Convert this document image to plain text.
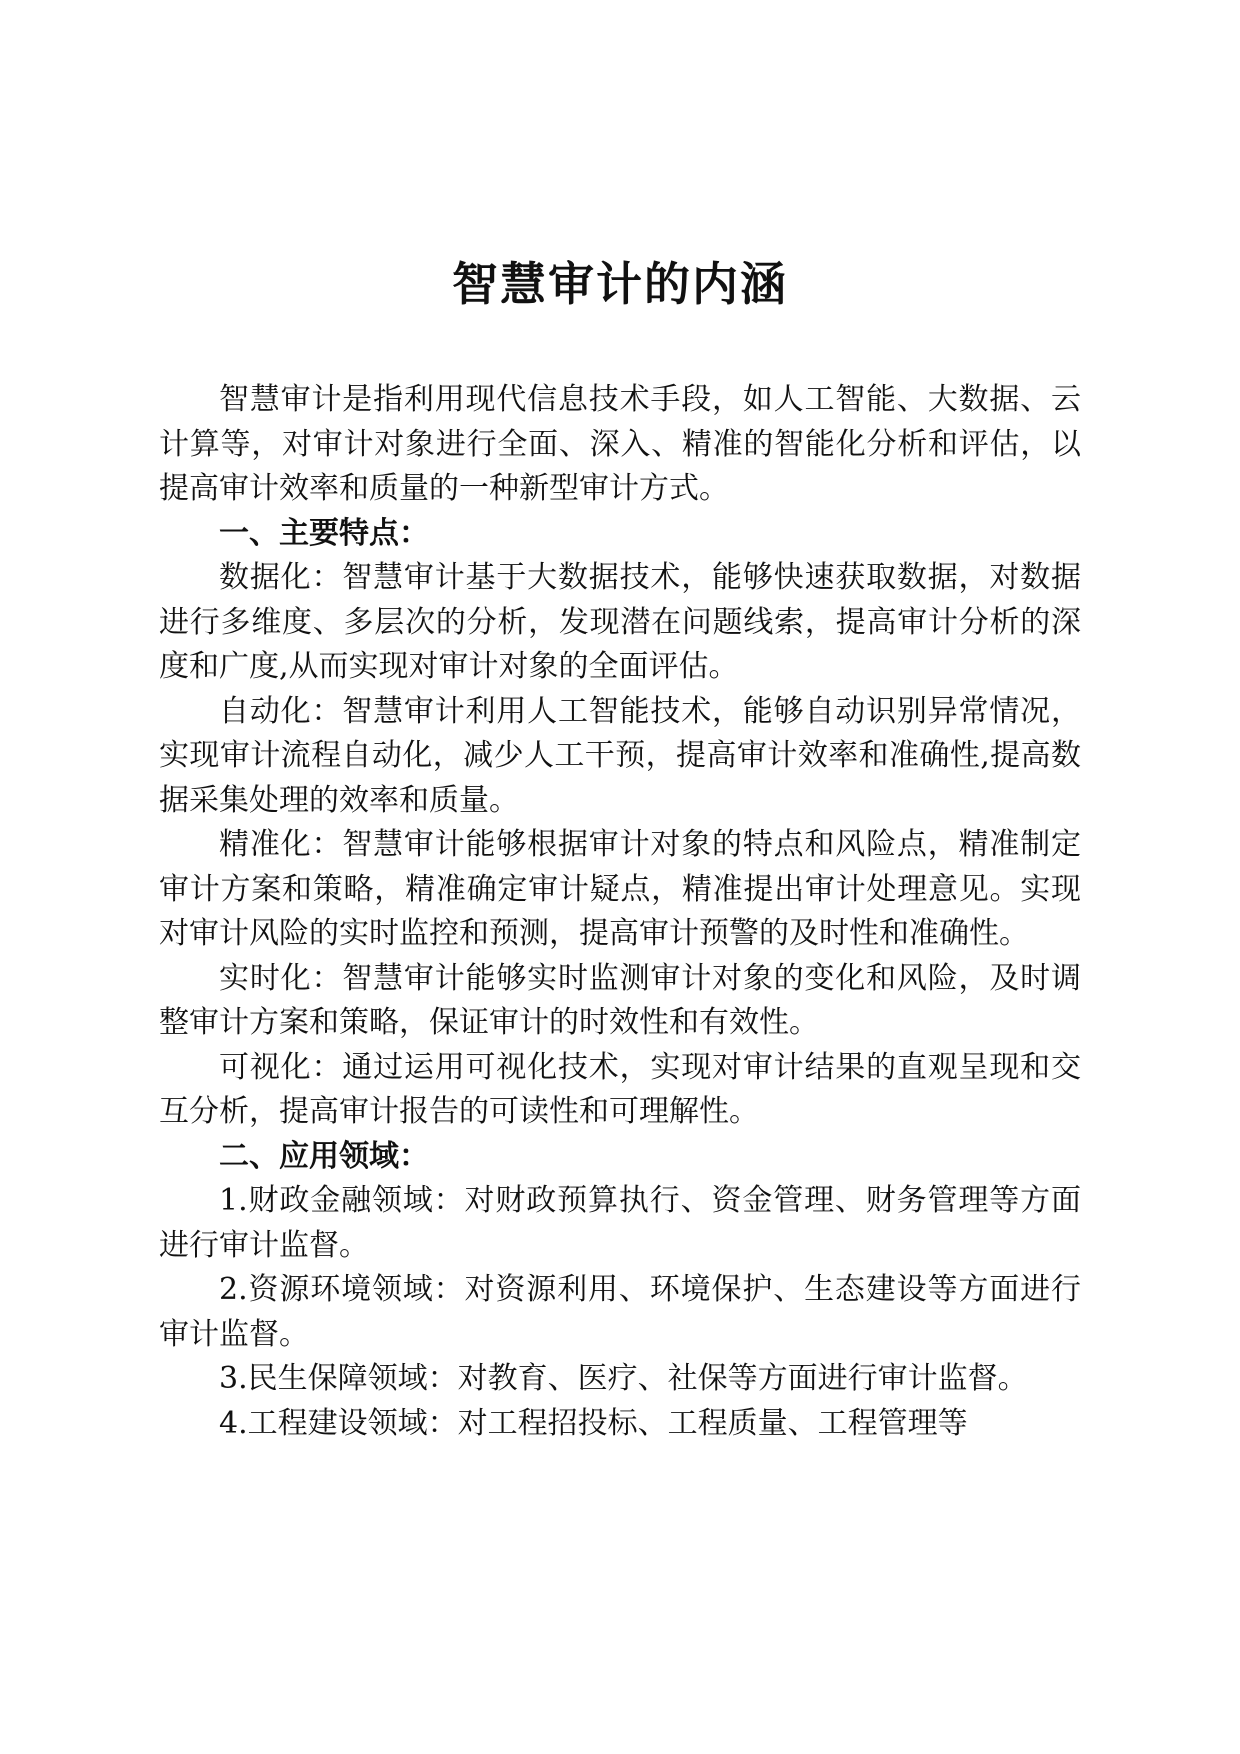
智慧审计的内涵

智慧审计是指利用现代信息技术手段，如人工智能、大数据、云计算等，对审计对象进行全面、深入、精准的智能化分析和评估，以提高审计效率和质量的一种新型审计方式。

一、主要特点：

数据化：智慧审计基于大数据技术，能够快速获取数据，对数据进行多维度、多层次的分析，发现潜在问题线索，提高审计分析的深度和广度,从而实现对审计对象的全面评估。

自动化：智慧审计利用人工智能技术，能够自动识别异常情况，实现审计流程自动化，减少人工干预，提高审计效率和准确性,提高数据采集处理的效率和质量。

精准化：智慧审计能够根据审计对象的特点和风险点，精准制定审计方案和策略，精准确定审计疑点，精准提出审计处理意见。实现对审计风险的实时监控和预测，提高审计预警的及时性和准确性。

实时化：智慧审计能够实时监测审计对象的变化和风险，及时调整审计方案和策略，保证审计的时效性和有效性。

可视化：通过运用可视化技术，实现对审计结果的直观呈现和交互分析，提高审计报告的可读性和可理解性。

二、应用领域：

1.财政金融领域：对财政预算执行、资金管理、财务管理等方面进行审计监督。

2.资源环境领域：对资源利用、环境保护、生态建设等方面进行审计监督。

3.民生保障领域：对教育、医疗、社保等方面进行审计监督。

4.工程建设领域：对工程招投标、工程质量、工程管理等
